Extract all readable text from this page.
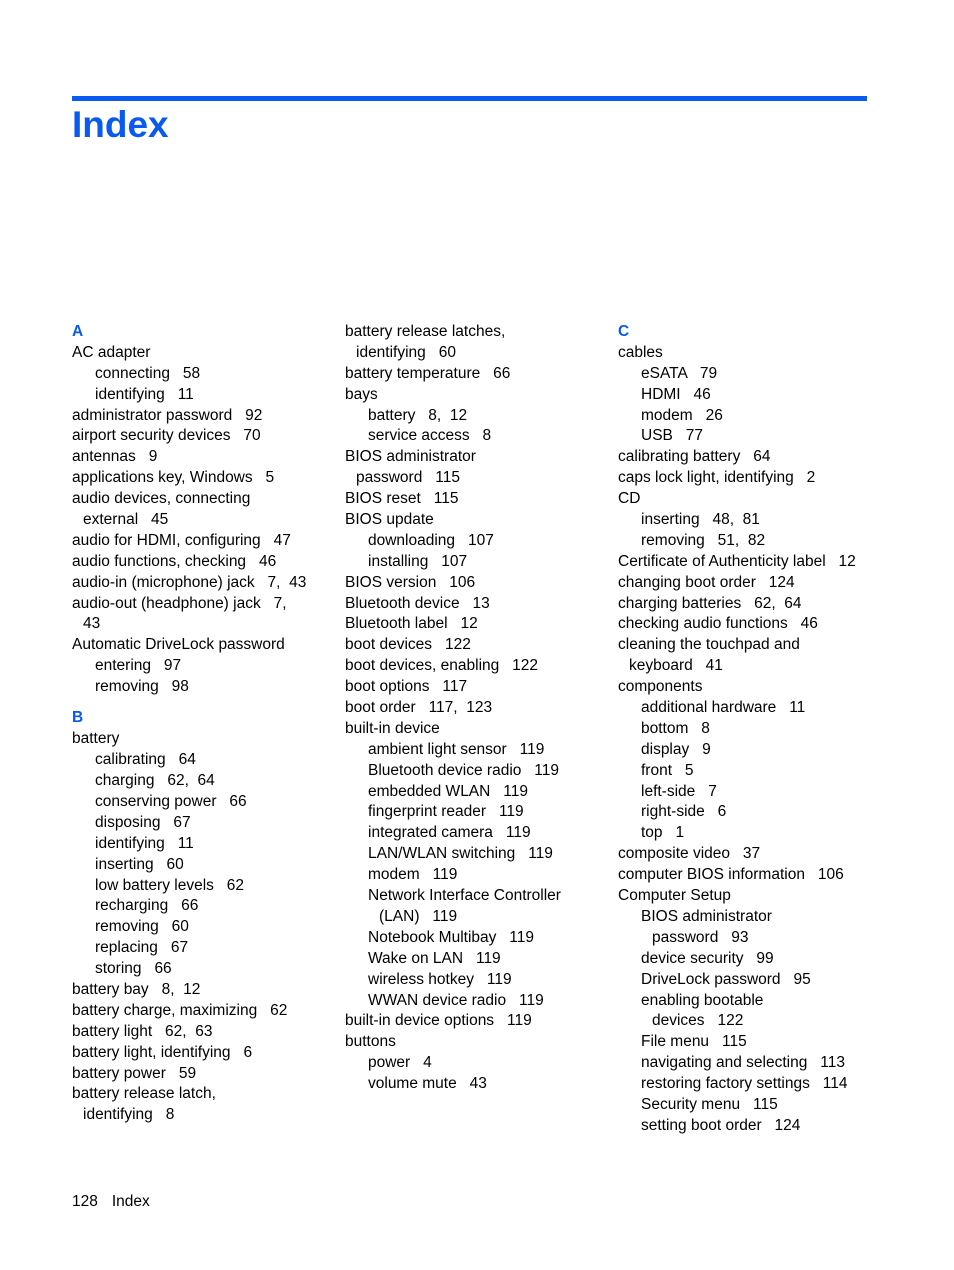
Index
A
AC adapter
connecting   58
identifying   11
administrator password   92
airport security devices   70
antennas   9
applications key, Windows   5
audio devices, connecting
external   45
audio for HDMI, configuring   47
audio functions, checking   46
audio-in (microphone) jack   7,  43
audio-out (headphone) jack   7,
43
Automatic DriveLock password
entering   97
removing   98
B
battery
calibrating   64
charging   62,  64
conserving power   66
disposing   67
identifying   11
inserting   60
low battery levels   62
recharging   66
removing   60
replacing   67
storing   66
battery bay   8,  12
battery charge, maximizing   62
battery light   62,  63
battery light, identifying   6
battery power   59
battery release latch,
identifying   8
battery release latches,
identifying   60
battery temperature   66
bays
battery   8,  12
service access   8
BIOS administrator
password   115
BIOS reset   115
BIOS update
downloading   107
installing   107
BIOS version   106
Bluetooth device   13
Bluetooth label   12
boot devices   122
boot devices, enabling   122
boot options   117
boot order   117,  123
built-in device
ambient light sensor   119
Bluetooth device radio   119
embedded WLAN   119
fingerprint reader   119
integrated camera   119
LAN/WLAN switching   119
modem   119
Network Interface Controller
(LAN)   119
Notebook Multibay   119
Wake on LAN   119
wireless hotkey   119
WWAN device radio   119
built-in device options   119
buttons
power   4
volume mute   43
C
cables
eSATA   79
HDMI   46
modem   26
USB   77
calibrating battery   64
caps lock light, identifying   2
CD
inserting   48,  81
removing   51,  82
Certificate of Authenticity label   12
changing boot order   124
charging batteries   62,  64
checking audio functions   46
cleaning the touchpad and
keyboard   41
components
additional hardware   11
bottom   8
display   9
front   5
left-side   7
right-side   6
top   1
composite video   37
computer BIOS information   106
Computer Setup
BIOS administrator
password   93
device security   99
DriveLock password   95
enabling bootable
devices   122
File menu   115
navigating and selecting   113
restoring factory settings   114
Security menu   115
setting boot order   124
128 Index
